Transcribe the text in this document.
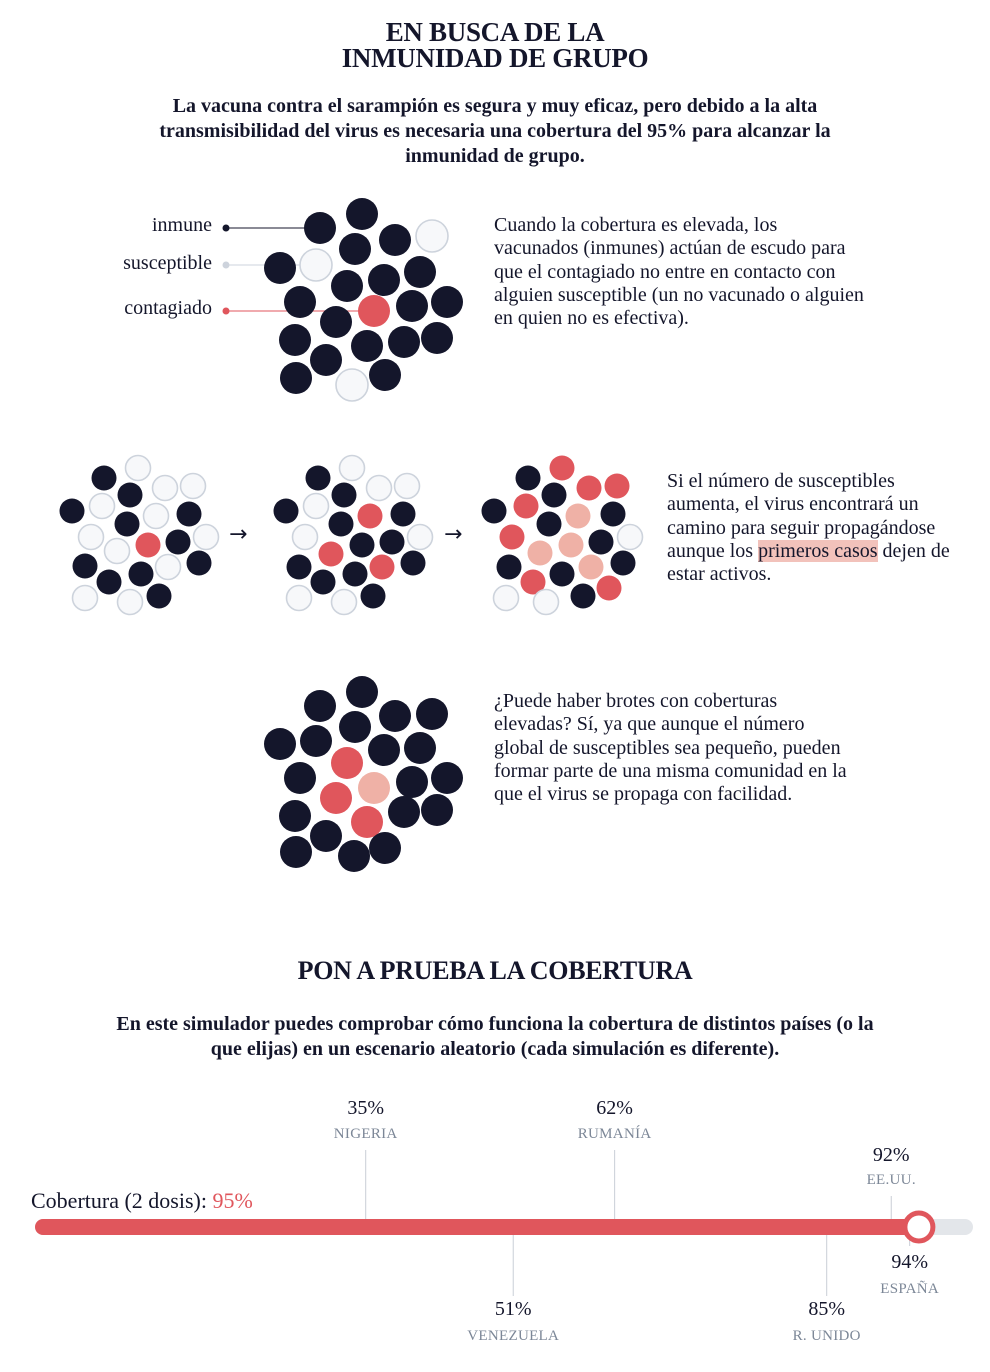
EN BUSCA DE LA
INMUNIDAD DE GRUPO

La vacuna contra el sarampión es segura y muy eficaz, pero debido a la alta transmisibilidad del virus es necesaria una cobertura del 95% para alcanzar la inmunidad de grupo.

inmune
susceptible
contagiado

Cuando la cobertura es elevada, los vacunados (inmunes) actúan de escudo para que el contagiado no entre en contacto con alguien susceptible (un no vacunado o alguien en quien no es efectiva).

→	→

Si el número de susceptibles aumenta, el virus encontrará un camino para seguir propagándose aunque los primeros casos dejen de estar activos.

¿Puede haber brotes con coberturas elevadas? Sí, ya que aunque el número global de susceptibles sea pequeño, pueden formar parte de una misma comunidad en la que el virus se propaga con facilidad.

PON A PRUEBA LA COBERTURA

En este simulador puedes comprobar cómo funciona la cobertura de distintos países (o la que elijas) en un escenario aleatorio (cada simulación es diferente).

Cobertura (2 dosis): 95%
35%
NIGERIA
51%
VENEZUELA
62%
RUMANÍA
85%
R. UNIDO
92%
EE.UU.
94%
ESPAÑA
